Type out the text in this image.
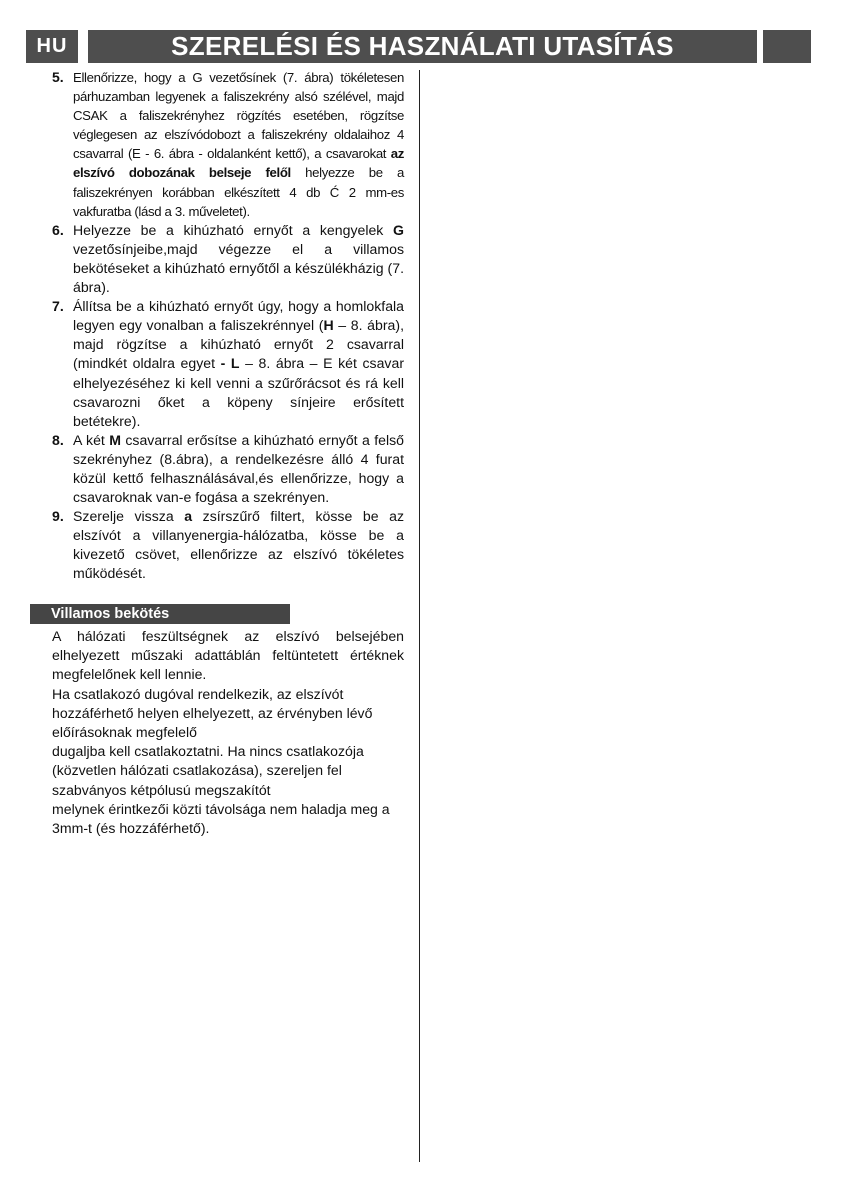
HU	SZERELÉSI ÉS HASZNÁLATI UTASÍTÁS
5. Ellenőrizze, hogy a G vezetősínek (7. ábra) tökéletesen párhuzamban legyenek a faliszekrény alsó szélével, majd CSAK a faliszekrényhez rögzítés esetében, rögzítse véglegesen az elszívódobozt a faliszekrény oldalaihoz 4 csavarral (E - 6. ábra - oldalanként kettő), a csavarokat az elszívó dobozának belseje felől helyezze be a faliszekrényen korábban elkészített 4 db Ć 2 mm-es vakfuratba (lásd a 3. műveletet).
6. Helyezze be a kihúzható ernyőt a kengyelek G vezetősínjeibe,majd végezze el a villamos bekötéseket a kihúzható ernyőtől a készülékházig (7. ábra).
7. Állítsa be a kihúzható ernyőt úgy, hogy a homlokfala legyen egy vonalban a faliszekrénnyel (H – 8. ábra), majd rögzítse a kihúzható ernyőt 2 csavarral (mindkét oldalra egyet - L – 8. ábra – E két csavar elhelyezéséhez ki kell venni a szűrőrácsot és rá kell csavarozni őket a köpeny sínjeire erősített betétekre).
8. A két M csavarral erősítse a kihúzható ernyőt a felső szekrényhez (8.ábra), a rendelkezésre álló 4 furat közül kettő felhasználásával,és ellenőrizze, hogy a csavaroknak van-e fogása a szekrényen.
9. Szerelje vissza a zsírszűrő filtert, kösse be az elszívót a villanyenergia-hálózatba, kösse be a kivezető csövet, ellenőrizze az elszívó tökéletes működését.
Villamos bekötés

A hálózati feszültségnek az elszívó belsejében elhelyezett műszaki adattáblán feltüntetett értéknek megfelelőnek kell lennie.

Ha csatlakozó dugóval rendelkezik, az elszívót hozzáférhető helyen elhelyezett, az érvényben lévő előírásoknak megfelelő

dugaljba kell csatlakoztatni. Ha nincs csatlakozója (közvetlen hálózati csatlakozása), szereljen fel szabványos kétpólusú megszakítót

melynek érintkezői közti távolsága nem haladja meg a 3mm-t (és hozzáférhető).
